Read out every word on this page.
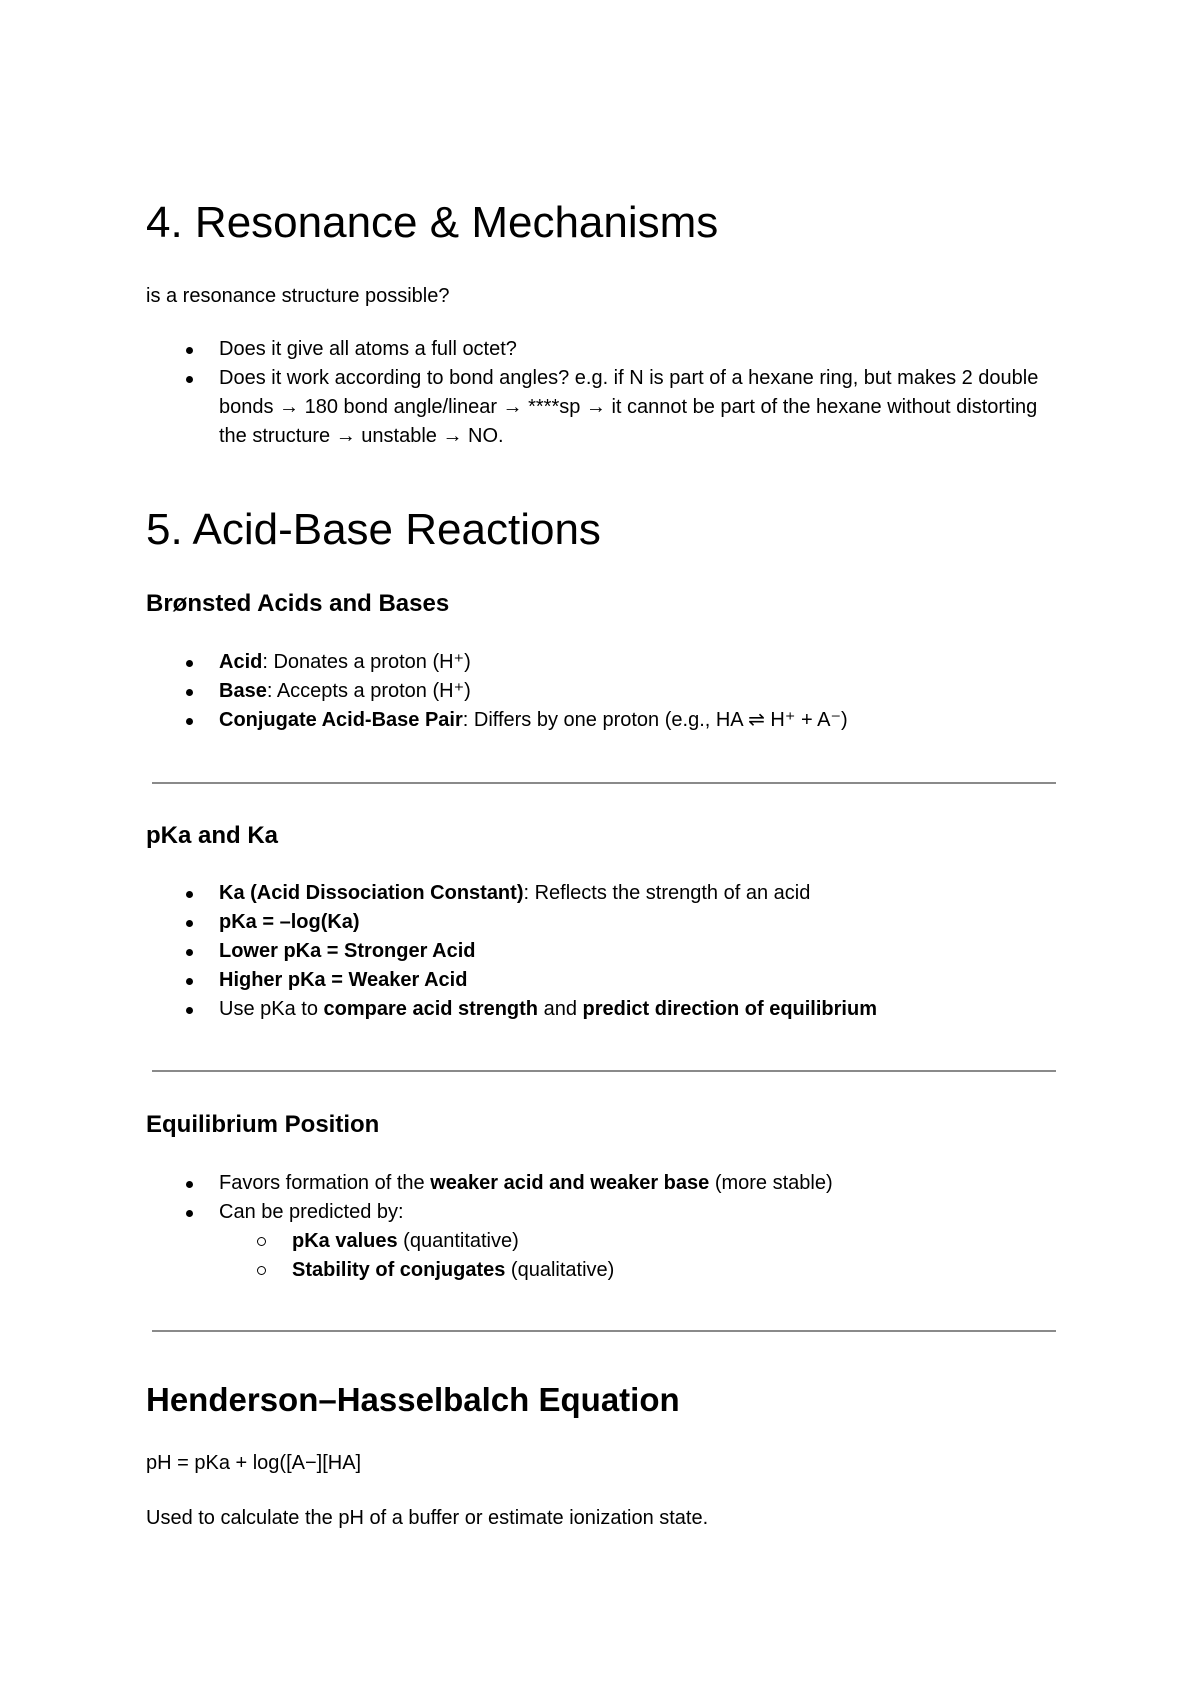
4. Resonance & Mechanisms

is a resonance structure possible?

Does it give all atoms a full octet?
Does it work according to bond angles? e.g. if N is part of a hexane ring, but makes 2 double bonds → 180 bond angle/linear → ****sp → it cannot be part of the hexane without distorting the structure → unstable → NO.
5. Acid-Base Reactions
Brønsted Acids and Bases
Acid: Donates a proton (H⁺)
Base: Accepts a proton (H⁺)
Conjugate Acid-Base Pair: Differs by one proton (e.g., HA ⇌ H⁺ + A⁻)
pKa and Ka
Ka (Acid Dissociation Constant): Reflects the strength of an acid
pKa = –log(Ka)
Lower pKa = Stronger Acid
Higher pKa = Weaker Acid
Use pKa to compare acid strength and predict direction of equilibrium
Equilibrium Position
Favors formation of the weaker acid and weaker base (more stable)
Can be predicted by:
pKa values (quantitative)
Stability of conjugates (qualitative)
Henderson–Hasselbalch Equation

pH = pKa + log([A−][HA]

Used to calculate the pH of a buffer or estimate ionization state.
